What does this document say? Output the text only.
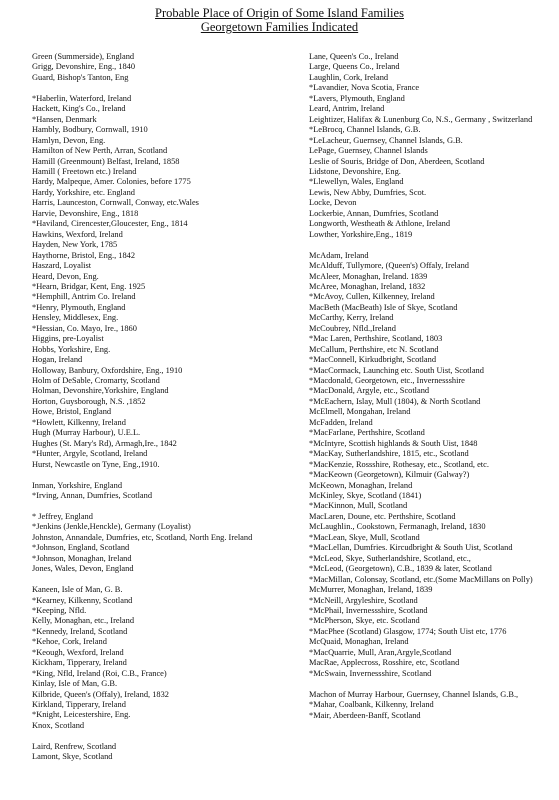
Probable Place of Origin of Some Island Families
Georgetown Families Indicated
Green (Summerside), England
Grigg, Devonshire, Eng., 1840
Guard, Bishop's Tanton, Eng
*Haberlin, Waterford, Ireland
Hackett, King's Co., Ireland
*Hansen, Denmark
Hambly, Bodbury, Cornwall, 1910
Hamlyn, Devon, Eng.
Hamilton of New Perth, Arran, Scotland
Hamill (Greenmount) Belfast, Ireland, 1858
Hamill ( Freetown etc.) Ireland
Hardy, Malpeque, Amer. Colonies, before 1775
Hardy, Yorkshire, etc. England
Harris, Launceston, Cornwall, Conway, etc.Wales
Harvie, Devonshire, Eng., 1818
*Haviland, Cirencester,Gloucester, Eng., 1814
Hawkins, Wexford, Ireland
Hayden, New York, 1785
Haythorne, Bristol, Eng., 1842
Haszard, Loyalist
Heard, Devon, Eng.
*Hearn, Bridgar, Kent, Eng. 1925
*Hemphill, Antrim Co. Ireland
*Henry, Plymouth, England
Hensley, Middlesex, Eng.
*Hessian, Co. Mayo, Ire., 1860
Higgins, pre-Loyalist
Hobbs, Yorkshire, Eng.
Hogan, Ireland
Holloway, Banbury, Oxfordshire, Eng., 1910
Holm of DeSable, Cromarty, Scotland
Holman, Devonshire,Yorkshire, England
Horton, Guysborough, N.S. ,1852
Howe, Bristol, England
*Howlett, Kilkenny, Ireland
Hugh (Murray Harbour), U.E.L.
Hughes (St. Mary's Rd), Armagh,Ire., 1842
*Hunter, Argyle, Scotland, Ireland
Hurst, Newcastle on Tyne, Eng.,1910.
Inman, Yorkshire, England
*Irving, Annan, Dumfries, Scotland
* Jeffrey, England
*Jenkins (Jenkle,Henckle), Germany (Loyalist)
Johnston, Annandale, Dumfries, etc, Scotland, North Eng. Ireland
*Johnson, England, Scotland
*Johnson, Monaghan, Ireland
Jones, Wales, Devon, England
Kaneen, Isle of Man, G. B.
*Kearney, Kilkenny, Scotland
*Keeping, Nfld.
Kelly, Monaghan, etc., Ireland
*Kennedy, Ireland, Scotland
*Kehoe, Cork, Ireland
*Keough, Wexford, Ireland
Kickham, Tipperary, Ireland
*King, Nfld, Ireland (Roi, C.B., France)
Kinlay, Isle of Man, G.B.
Kilbride, Queen's (Offaly), Ireland, 1832
Kirkland, Tipperary, Ireland
*Knight, Leicestershire, Eng.
Knox, Scotland
Laird, Renfrew, Scotland
Lamont, Skye, Scotland
Lane, Queen's Co., Ireland
Large, Queens Co., Ireland
Laughlin, Cork, Ireland
*Lavandier, Nova Scotia, France
*Lavers, Plymouth, England
Leard, Antrim, Ireland
Leightizer, Halifax & Lunenburg Co, N.S., Germany , Switzerland
*LeBrocq, Channel Islands, G.B.
*LeLacheur, Guernsey, Channel Islands, G.B.
LePage, Guernsey, Channel Islands
Leslie of Souris, Bridge of Don, Aberdeen, Scotland
Lidstone, Devonshire, Eng.
*Llewellyn, Wales, England
Lewis, New Abby, Dumfries, Scot.
Locke, Devon
Lockerbie, Annan, Dumfries, Scotland
Longworth, Westheath & Athlone, Ireland
Lowther, Yorkshire,Eng., 1819
McAdam, Ireland
McAlduff, Tullymore, (Queen's) Offaly, Ireland
McAleer, Monaghan, Ireland. 1839
McAree, Monaghan, Ireland, 1832
*McAvoy, Cullen, Kilkenney, Ireland
MacBeth (MacBeath) Isle of Skye, Scotland
McCarthy, Kerry, Ireland
McCoubrey, Nfld.,Ireland
*Mac Laren, Perthshire, Scotland, 1803
McCallum, Perthshire, etc N. Scotland
*MacConnell, Kirkudbright, Scotland
*MacCormack, Launching etc. South Uist, Scotland
*Macdonald, Georgetown, etc., Invernessshire
*MacDonald, Argyle, etc., Scotland
*McEachern, Islay, Mull (1804), & North Scotland
McElmell, Mongahan, Ireland
McFadden, Ireland
*MacFarlane, Perthshire, Scotland
*McIntyre, Scottish highlands & South Uist, 1848
*MacKay, Sutherlandshire, 1815, etc., Scotland
*MacKenzie, Rossshire, Rothesay, etc., Scotland, etc.
*MacKeown (Georgetown), Kilmuir (Galway?)
McKeown, Monaghan, Ireland
McKinley, Skye, Scotland (1841)
*MacKinnon, Mull, Scotland
MacLaren, Doune, etc. Perthshire, Scotland
McLaughlin., Cookstown, Fermanagh, Ireland, 1830
*MacLean, Skye, Mull, Scotland
*MacLellan, Dumfries. Kircudbright & South Uist, Scotland
*McLeod, Skye, Sutherlandshire, Scotland, etc.,
*McLeod, (Georgetown), C.B., 1839 & later, Scotland
*MacMillan, Colonsay, Scotland, etc.(Some MacMillans on Polly)
McMurrer, Monaghan, Ireland, 1839
*McNeill, Argyleshire, Scotland
*McPhail, Invernessshire, Scotland
*McPherson, Skye, etc. Scotland
*MacPhee (Scotland) Glasgow, 1774; South Uist etc, 1776
McQuaid, Monaghan, Ireland
*MacQuarrie, Mull, Aran,Argyle,Scotland
MacRae, Applecross, Rosshire, etc, Scotland
*McSwain, Invernessshire, Scotland
Machon of Murray Harbour, Guernsey, Channel Islands, G.B.,
*Mahar, Coalbank, Kilkenny, Ireland
*Mair, Aberdeen-Banff, Scotland
